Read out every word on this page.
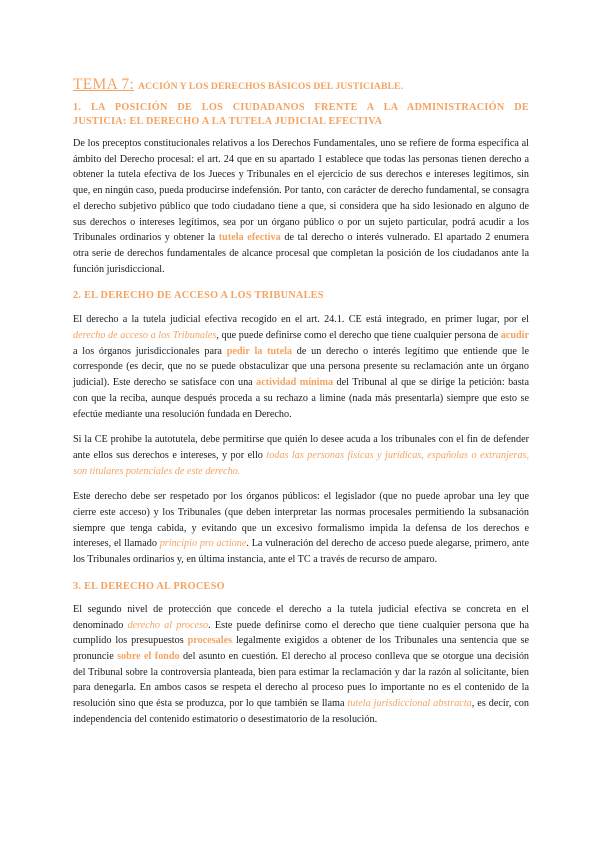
TEMA 7: ACCIÓN Y LOS DERECHOS BÁSICOS DEL JUSTICIABLE.
1. LA POSICIÓN DE LOS CIUDADANOS FRENTE A LA ADMINISTRACIÓN DE
JUSTICIA: EL DERECHO A LA TUTELA JUDICIAL EFECTIVA

De los preceptos constitucionales relativos a los Derechos Fundamentales, uno se refiere de forma específica al ámbito del Derecho procesal: el art. 24 que en su apartado 1 establece que todas las personas tienen derecho a obtener la tutela efectiva de los Jueces y Tribunales en el ejercicio de sus derechos e intereses legítimos, sin que, en ningún caso, pueda producirse indefensión. Por tanto, con carácter de derecho fundamental, se consagra el derecho subjetivo público que todo ciudadano tiene a que, si considera que ha sido lesionado en alguno de sus derechos o intereses legítimos, sea por un órgano público o por un sujeto particular, podrá acudir a los Tribunales ordinarios y obtener la tutela efectiva de tal derecho o interés vulnerado. El apartado 2 enumera otra serie de derechos fundamentales de alcance procesal que completan la posición de los ciudadanos ante la función jurisdiccional.

2. EL DERECHO DE ACCESO A LOS TRIBUNALES

El derecho a la tutela judicial efectiva recogido en el art. 24.1. CE está integrado, en primer lugar, por el derecho de acceso a los Tribunales, que puede definirse como el derecho que tiene cualquier persona de acudir a los órganos jurisdiccionales para pedir la tutela de un derecho o interés legítimo que entiende que le corresponde (es decir, que no se puede obstaculizar que una persona presente su reclamación ante un órgano judicial). Este derecho se satisface con una actividad mínima del Tribunal al que se dirige la petición: basta con que la reciba, aunque después proceda a su rechazo a limine (nada más presentarla) siempre que esto se efectúe mediante una resolución fundada en Derecho.

Si la CE prohibe la autotutela, debe permitirse que quién lo desee acuda a los tribunales con el fin de defender ante ellos sus derechos e intereses, y por ello todas las personas físicas y jurídicas, españolas o extranjeras, son titulares potenciales de este derecho.

Este derecho debe ser respetado por los órganos públicos: el legislador (que no puede aprobar una ley que cierre este acceso) y los Tribunales (que deben interpretar las normas procesales permitiendo la subsanación siempre que tenga cabida, y evitando que un excesivo formalismo impida la defensa de los derechos e intereses, el llamado principio pro actione. La vulneración del derecho de acceso puede alegarse, primero, ante los Tribunales ordinarios y, en última instancia, ante el TC a través de recurso de amparo.

3. EL DERECHO AL PROCESO

El segundo nivel de protección que concede el derecho a la tutela judicial efectiva se concreta en el denominado derecho al proceso. Este puede definirse como el derecho que tiene cualquier persona que ha cumplido los presupuestos procesales legalmente exigidos a obtener de los Tribunales una sentencia que se pronuncie sobre el fondo del asunto en cuestión. El derecho al proceso conlleva que se otorgue una decisión del Tribunal sobre la controversia planteada, bien para estimar la reclamación y dar la razón al solicitante, bien para denegarla. En ambos casos se respeta el derecho al proceso pues lo importante no es el contenido de la resolución sino que ésta se produzca, por lo que también se llama tutela jurisdiccional abstracta, es decir, con independencia del contenido estimatorio o desestimatorio de la resolución.
